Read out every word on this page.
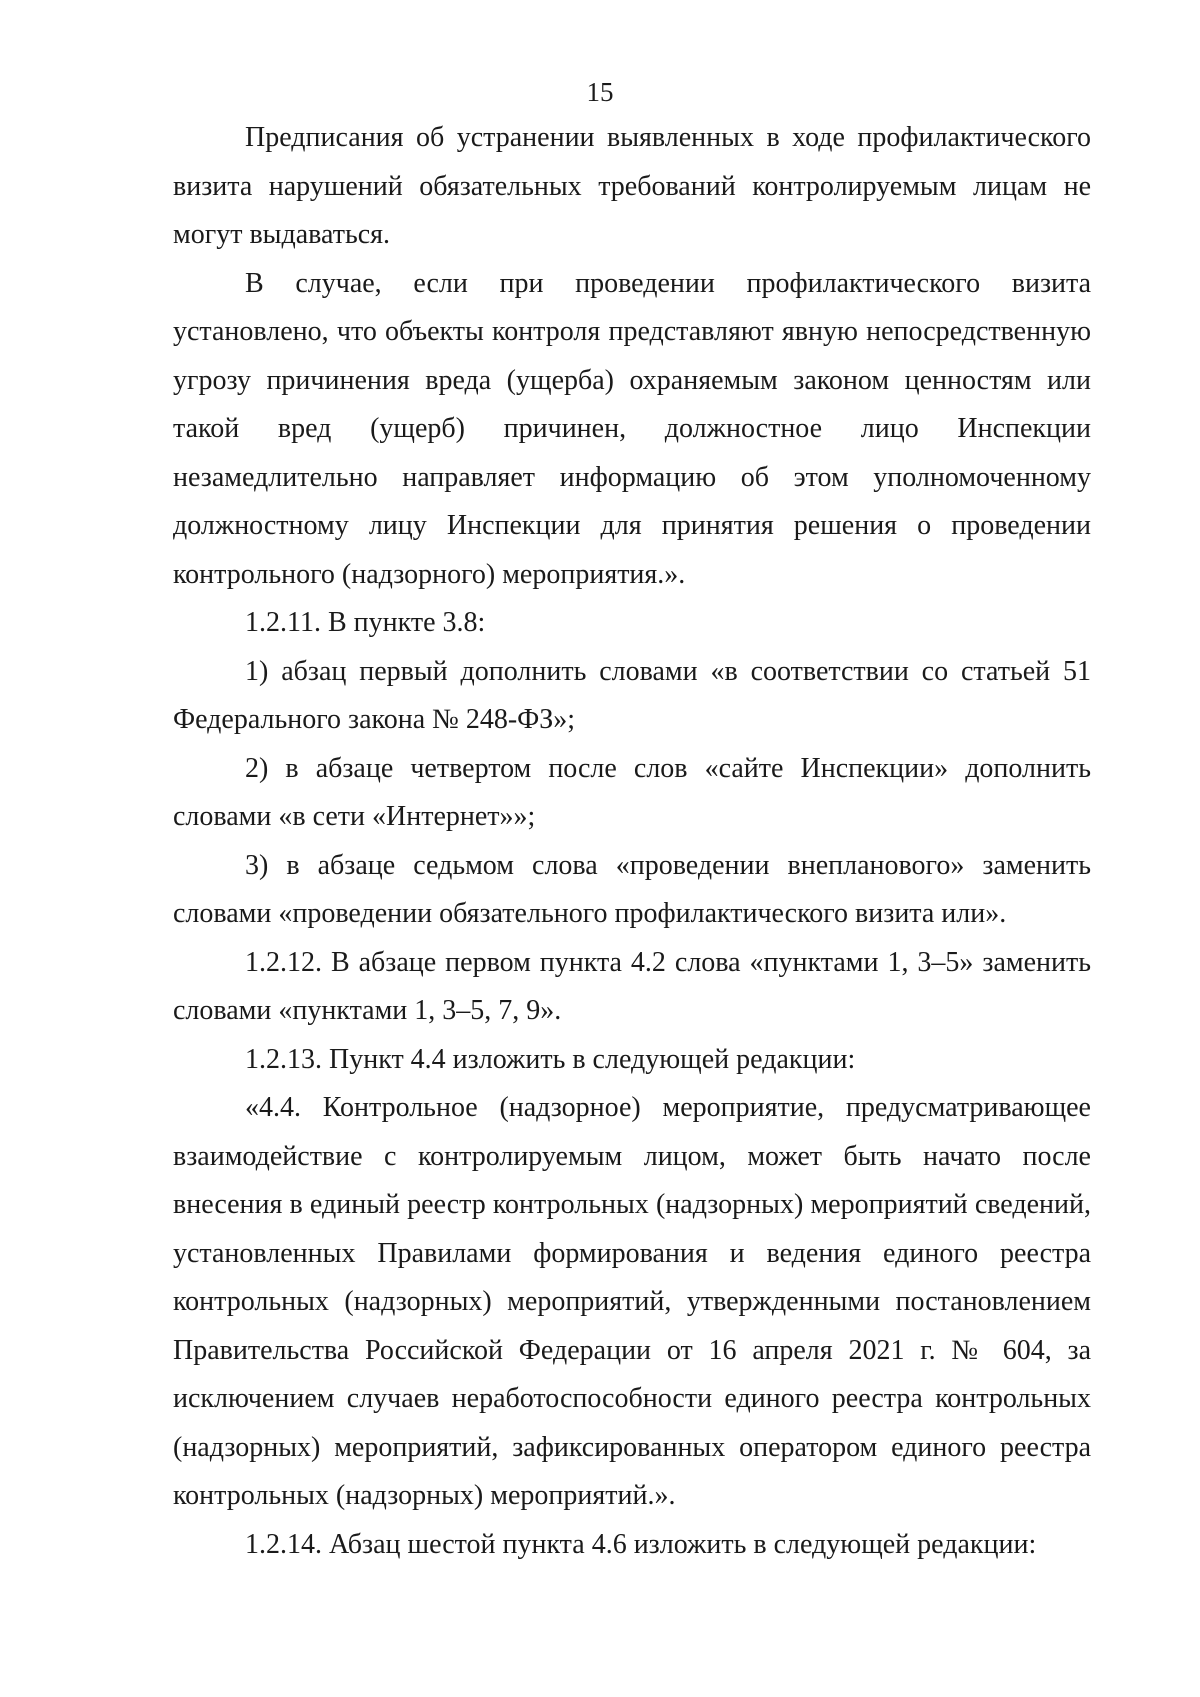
15

Предписания об устранении выявленных в ходе профилактического визита нарушений обязательных требований контролируемым лицам не могут выдаваться.

В случае, если при проведении профилактического визита установлено, что объекты контроля представляют явную непосредственную угрозу причинения вреда (ущерба) охраняемым законом ценностям или такой вред (ущерб) причинен, должностное лицо Инспекции незамедлительно направляет информацию об этом уполномоченному должностному лицу Инспекции для принятия решения о проведении контрольного (надзорного) мероприятия.».

1.2.11. В пункте 3.8:

1) абзац первый дополнить словами «в соответствии со статьей 51 Федерального закона № 248-ФЗ»;

2) в абзаце четвертом после слов «сайте Инспекции» дополнить словами «в сети «Интернет»»;

3) в абзаце седьмом слова «проведении внепланового» заменить словами «проведении обязательного профилактического визита или».

1.2.12. В абзаце первом пункта 4.2 слова «пунктами 1, 3–5» заменить словами «пунктами 1, 3–5, 7, 9».

1.2.13. Пункт 4.4 изложить в следующей редакции:

«4.4. Контрольное (надзорное) мероприятие, предусматривающее взаимодействие с контролируемым лицом, может быть начато после внесения в единый реестр контрольных (надзорных) мероприятий сведений, установленных Правилами формирования и ведения единого реестра контрольных (надзорных) мероприятий, утвержденными постановлением Правительства Российской Федерации от 16 апреля 2021 г. № 604, за исключением случаев неработоспособности единого реестра контрольных (надзорных) мероприятий, зафиксированных оператором единого реестра контрольных (надзорных) мероприятий.».

1.2.14. Абзац шестой пункта 4.6 изложить в следующей редакции:
